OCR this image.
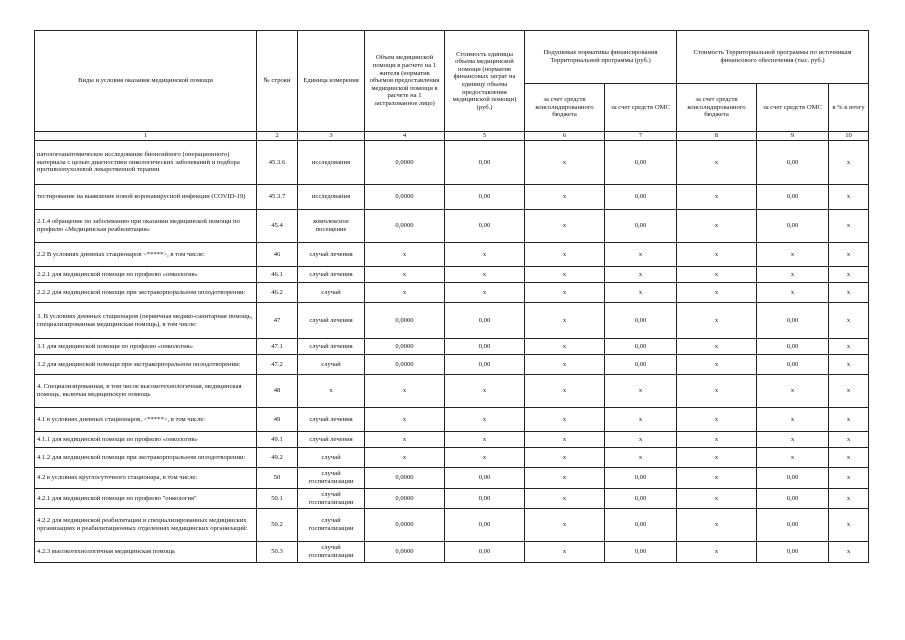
Виды и условия оказания медицинской помощи	№ строки	Единица измерения	Объем медицинской помощи в расчете на 1 жителя (норматив объемов предоставления медицинской помощи в расчете на 1 застрахованное лицо)	Стоимость единицы объема медицинской помощи (норматив финансовых затрат на единицу объема предоставления медицинской помощи) (руб.)	Подушевые нормативы финансирования Территориальной программы (руб.)		Стоимость Территориальной программы по источникам финансового обеспечения (тыс. руб.)		
					за счет средств консолидированного бюджета	за счет средств ОМС	за счет средств консолидированного бюджета	за счет средств ОМС	в % к итогу
1	2	3	4	5	6	7	8	9	10
патологоанатомическое исследование биопсийного (операционного) материала с целью диагностики онкологических заболеваний и подбора противоопухолевой лекарственной терапии	45.3.6	исследования	0,0000	0,00	х	0,00	х	0,00	х
тестирование на выявление новой коронавирусной инфекции (COVID-19)	45.3.7	исследования	0,0000	0,00	х	0,00	х	0,00	х
2.1.4 обращение по заболеванию при оказании медицинской помощи по профилю «Медицинская реабилитация»	45.4	комплексное посещение	0,0000	0,00	х	0,00	х	0,00	х
2.2 В условиях дневных стационаров <*****>, в том числе:	46	случай лечения	х	х	х	х	х	х	х
2.2.1 для медицинской помощи по профилю «онкология»	46.1	случай лечения	х	х	х	х	х	х	х
2.2.2 для медицинской помощи при экстракорпоральном оплодотворении:	46.2	случай	х	х	х	х	х	х	х
3. В условиях дневных стационаров (первичная медико-санитарная помощь, специализированная медицинская помощь), в том числе:	47	случай лечения	0,0000	0,00	х	0,00	х	0,00	х
3.1 для медицинской помощи по профилю «онкология»	47.1	случай лечения	0,0000	0,00	х	0,00	х	0,00	х
3.2 для медицинской помощи при экстракорпоральном оплодотворении:	47.2	случай	0,0000	0,00	х	0,00	х	0,00	х
4. Специализированная, в том числе высокотехнологичная, медицинская помощь, включая медицинскую помощь	48	х	х	х	х	х	х	х	х
4.1 в условиях дневных стационаров, <*****>, в том числе:	49	случай лечения	х	х	х	х	х	х	х
4.1.1 для медицинской помощи по профилю «онкология»	49.1	случай лечения	х	х	х	х	х	х	х
4.1.2 для медицинской помощи при экстракорпоральном оплодотворении:	49.2	случай	х	х	х	х	х	х	х
4.2 в условиях круглосуточного стационара, в том числе:	50	случай госпитализации	0,0000	0,00	х	0,00	х	0,00	х
4.2.1 для медицинской помощи по профилю "онкология"	50.1	случай госпитализации	0,0000	0,00	х	0,00	х	0,00	х
4.2.2 для медицинской реабилитации в специализированных медицинских организациях и реабилитационных отделениях медицинских организаций:	50.2	случай госпитализации	0,0000	0,00	х	0,00	х	0,00	х
4.2.3 высокотехнологичная медицинская помощь	50.3	случай госпитализации	0,0000	0,00	х	0,00	х	0,00	х
